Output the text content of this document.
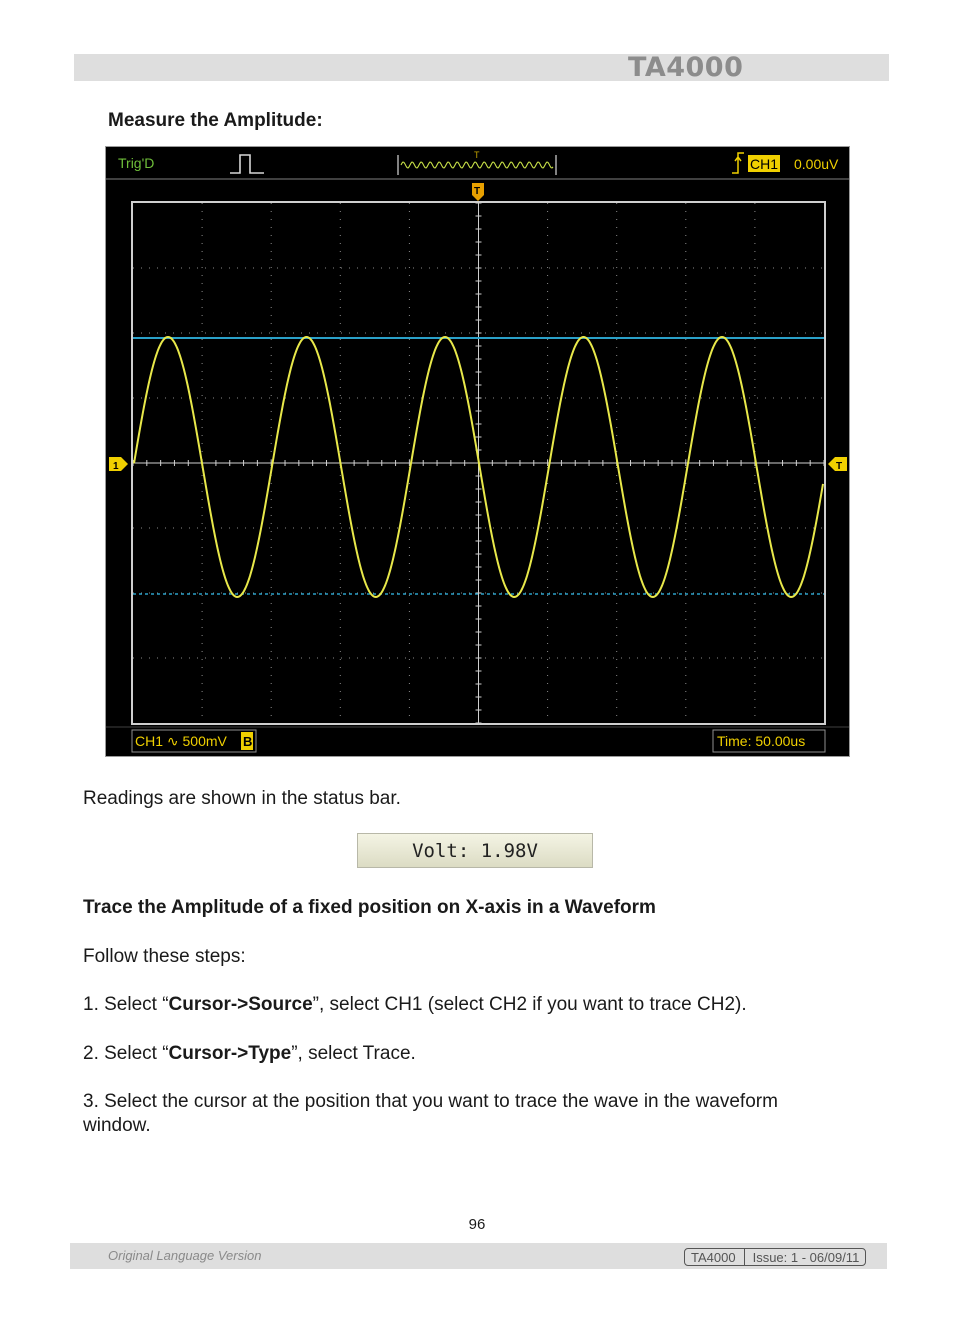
TA4000
Measure the Amplitude:
Trig'D	T
CH1 0.00uV
T
1	T
CH1 ∿ 500mV B	Time: 50.00us
Readings are shown in the status bar.
Volt: 1.98V
Trace the Amplitude of a fixed position on X-axis in a Waveform
Follow these steps:
1. Select “Cursor->Source”, select CH1 (select CH2 if you want to trace CH2).
2. Select “Cursor->Type”, select Trace.
3. Select the cursor at the position that you want to trace the wave in the waveform
window.
96
Original Language Version	TA4000 Issue: 1 - 06/09/11
